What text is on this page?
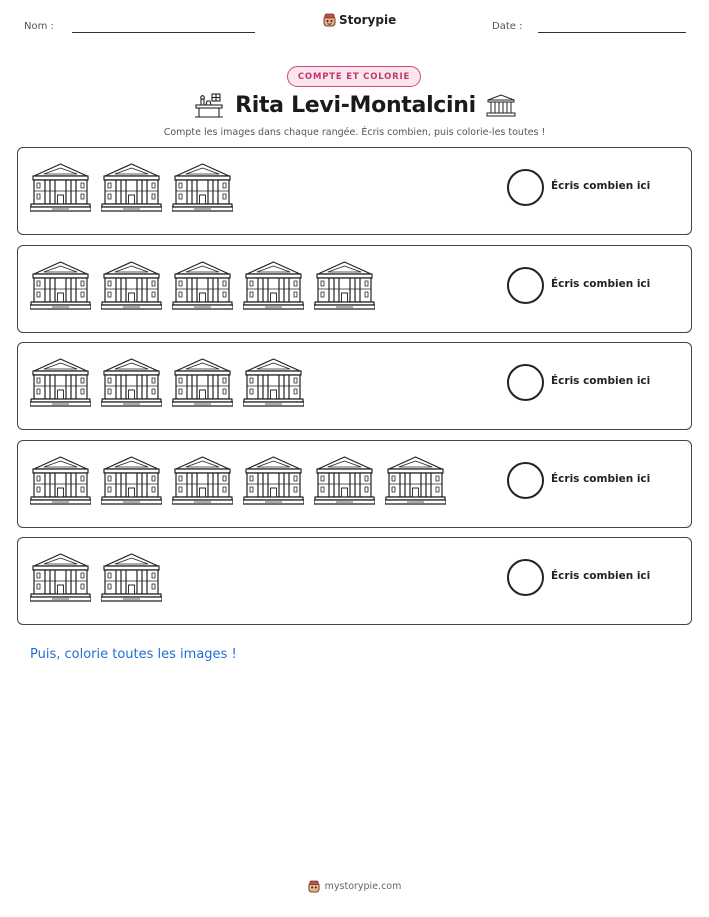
Nom :	Storypie	Date :
COMPTE ET COLORIE
Rita Levi-Montalcini
Compte les images dans chaque rangée. Écris combien, puis colorie-les toutes !
Écris combien ici
Écris combien ici
Écris combien ici
Écris combien ici
Écris combien ici
Puis, colorie toutes les images !
mystorypie.com
